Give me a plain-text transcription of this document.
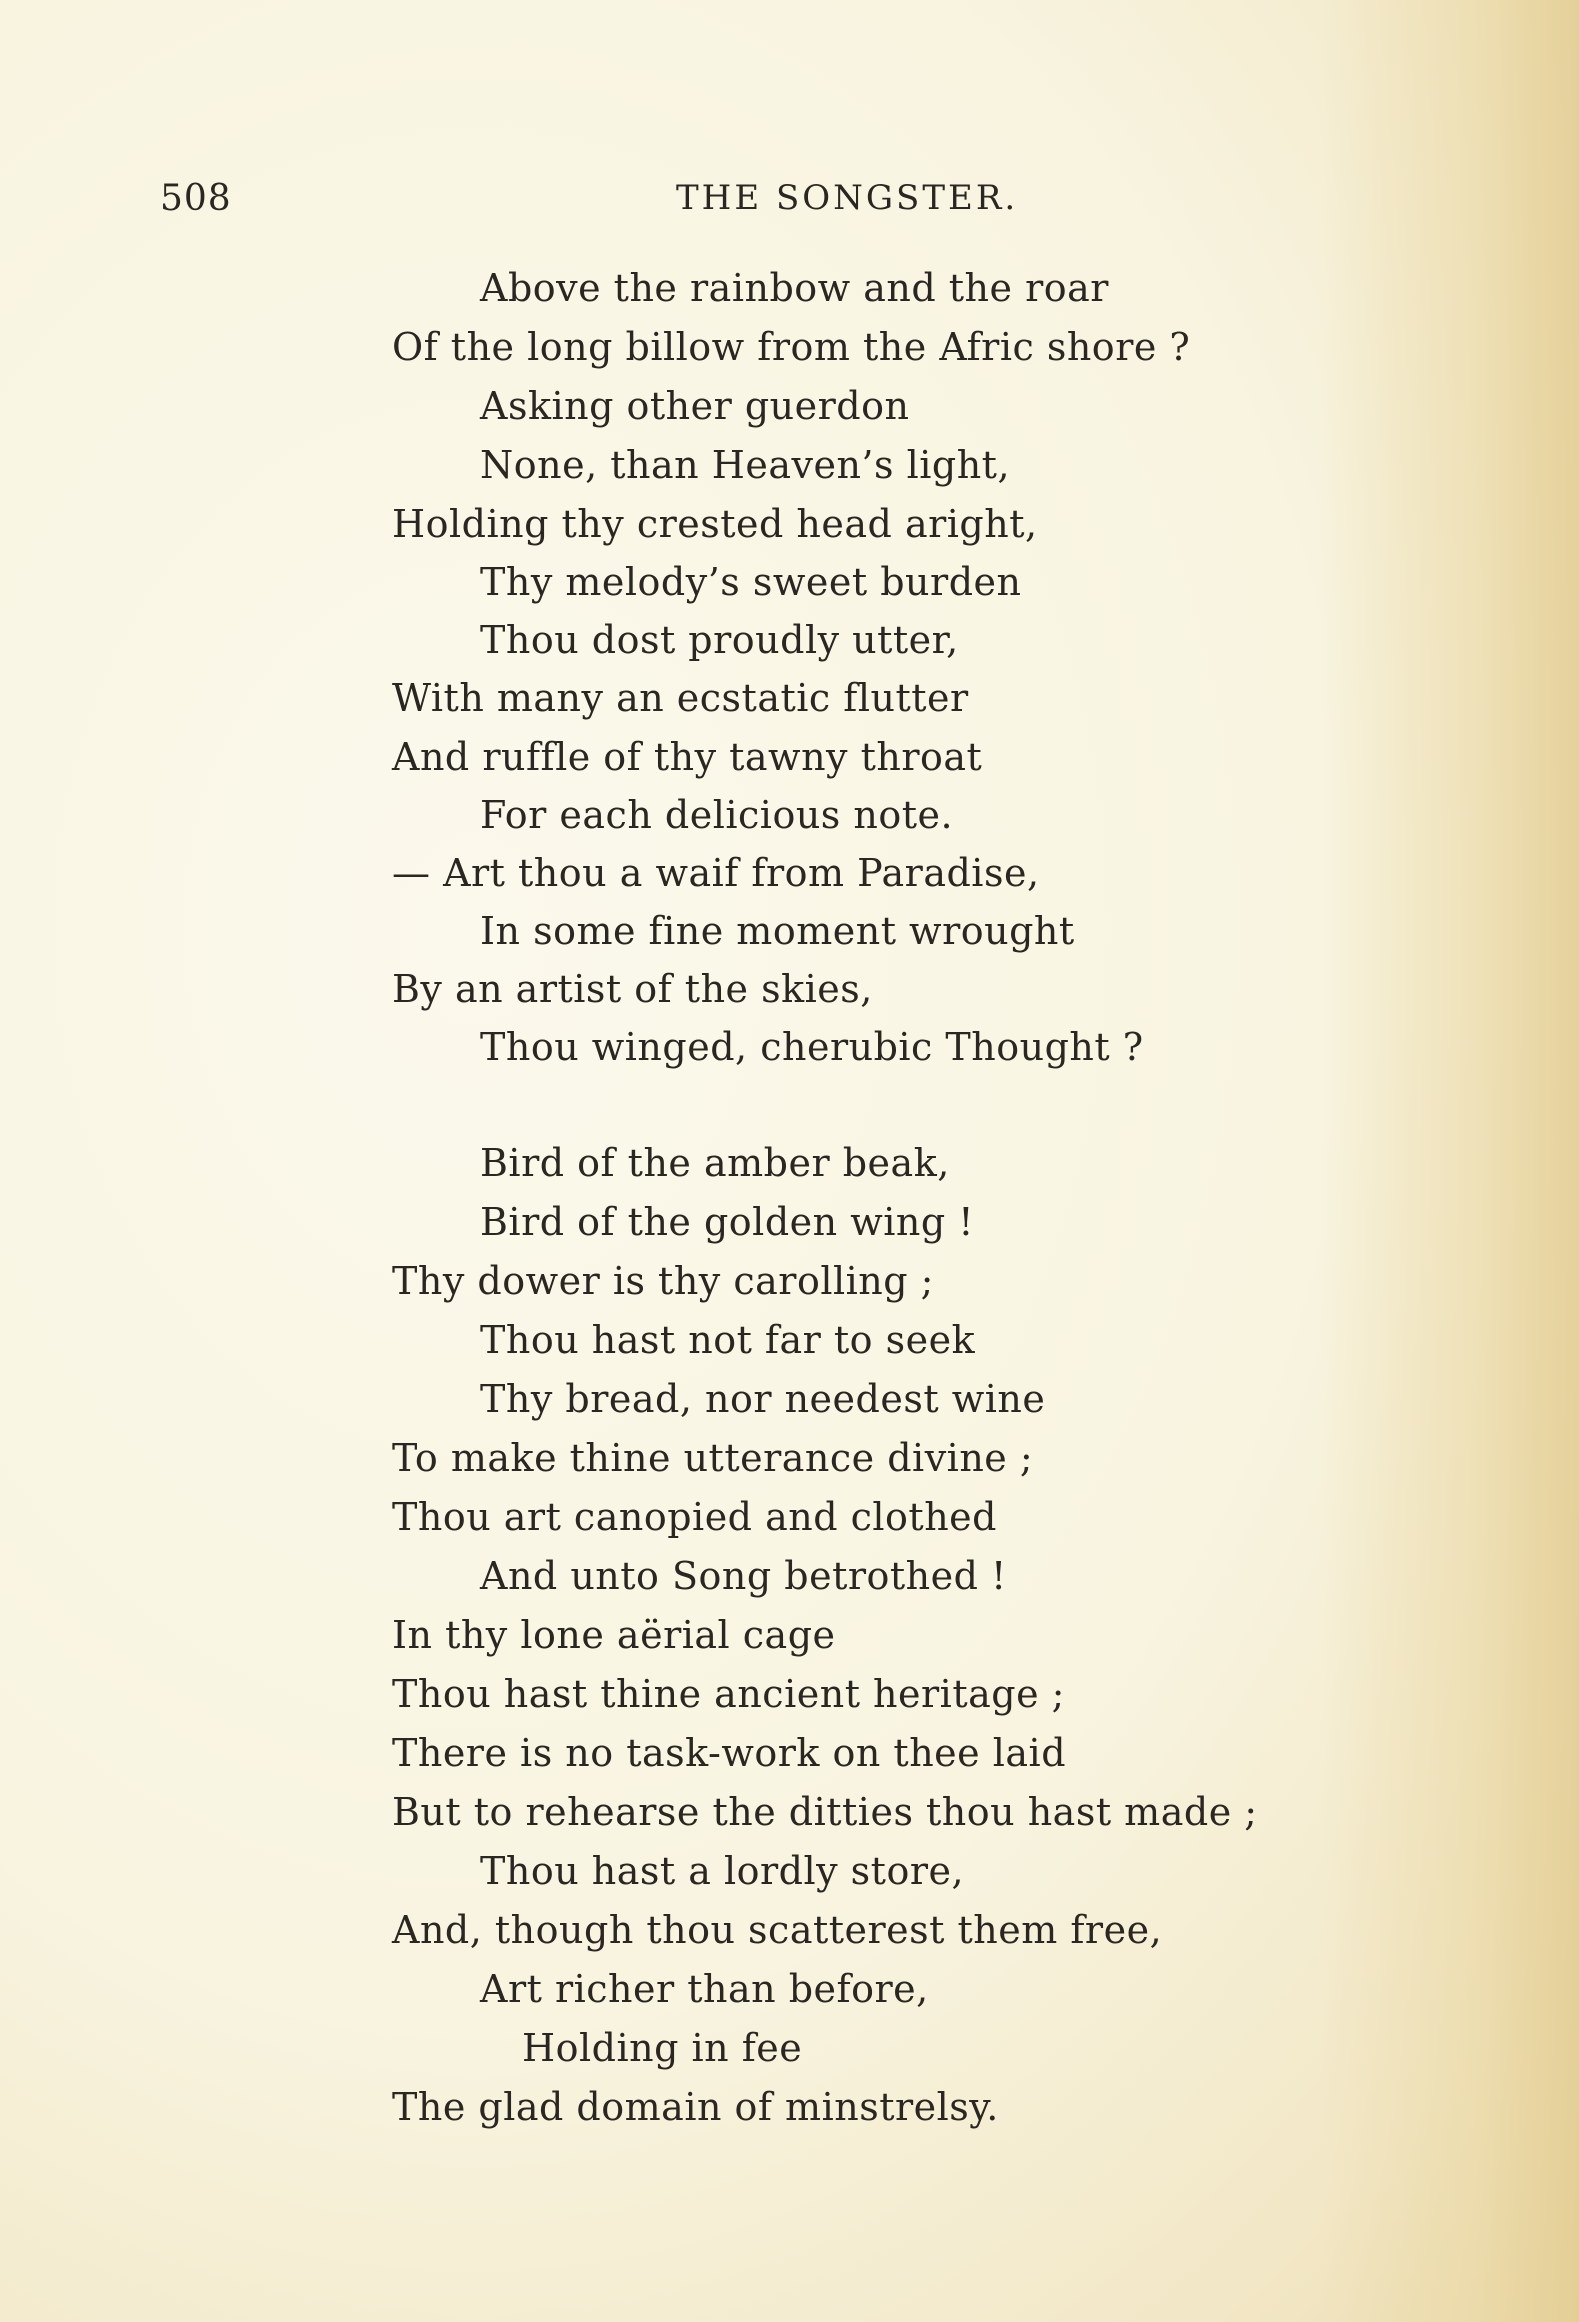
508	THE SONGSTER.
Above the rainbow and the roar
Of the long billow from the Afric shore ?
Asking other guerdon
None, than Heaven’s light,
Holding thy crested head aright,
Thy melody’s sweet burden
Thou dost proudly utter,
With many an ecstatic flutter
And ruffle of thy tawny throat
For each delicious note.
— Art thou a waif from Paradise,
In some fine moment wrought
By an artist of the skies,
Thou winged, cherubic Thought ?
Bird of the amber beak,
Bird of the golden wing !
Thy dower is thy carolling ;
Thou hast not far to seek
Thy bread, nor needest wine
To make thine utterance divine ;
Thou art canopied and clothed
And unto Song betrothed !
In thy lone aërial cage
Thou hast thine ancient heritage ;
There is no task-work on thee laid
But to rehearse the ditties thou hast made ;
Thou hast a lordly store,
And, though thou scatterest them free,
Art richer than before,
Holding in fee
The glad domain of minstrelsy.
